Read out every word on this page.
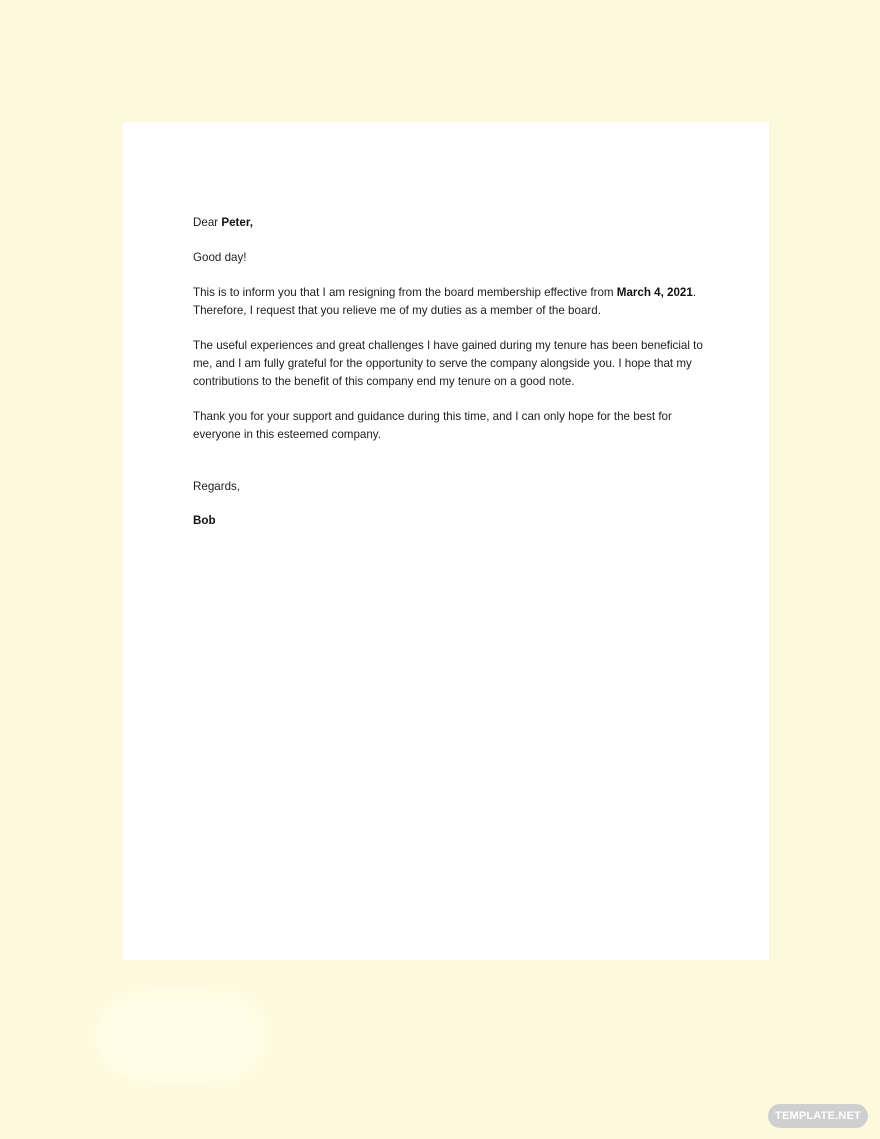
Dear Peter,

Good day!

This is to inform you that I am resigning from the board membership effective from March 4, 2021. Therefore, I request that you relieve me of my duties as a member of the board.

The useful experiences and great challenges I have gained during my tenure has been beneficial to me, and I am fully grateful for the opportunity to serve the company alongside you. I hope that my contributions to the benefit of this company end my tenure on a good note.

Thank you for your support and guidance during this time, and I can only hope for the best for everyone in this esteemed company.

Regards,

Bob

TEMPLATE.NET
